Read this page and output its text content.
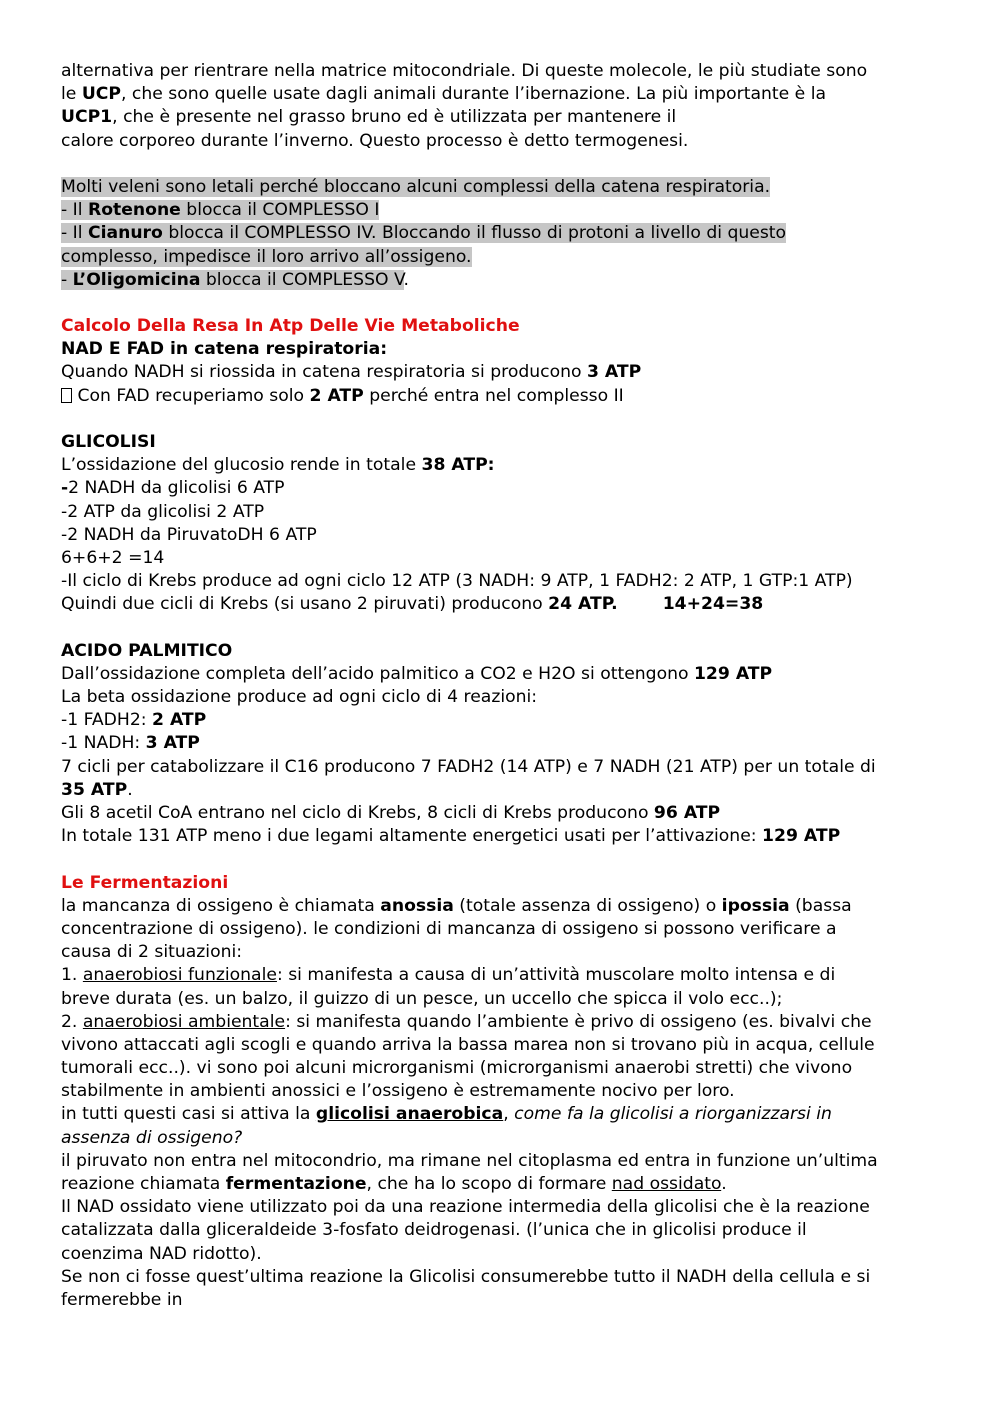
alternativa per rientrare nella matrice mitocondriale. Di queste molecole, le più studiate sono
le UCP, che sono quelle usate dagli animali durante l’ibernazione. La più importante è la
UCP1, che è presente nel grasso bruno ed è utilizzata per mantenere il
calore corporeo durante l’inverno. Questo processo è detto termogenesi.
Molti veleni sono letali perché bloccano alcuni complessi della catena respiratoria.
- Il Rotenone blocca il COMPLESSO I
- Il Cianuro blocca il COMPLESSO IV. Bloccando il flusso di protoni a livello di questo
complesso, impedisce il loro arrivo all’ossigeno.
- L’Oligomicina blocca il COMPLESSO V.
Calcolo Della Resa In Atp Delle Vie Metaboliche
NAD E FAD in catena respiratoria:
Quando NADH si riossida in catena respiratoria si producono 3 ATP
Con FAD recuperiamo solo 2 ATP perché entra nel complesso II
GLICOLISI
L’ossidazione del glucosio rende in totale 38 ATP:
-2 NADH da glicolisi 6 ATP
-2 ATP da glicolisi 2 ATP
-2 NADH da PiruvatoDH 6 ATP
6+6+2 =14
-Il ciclo di Krebs produce ad ogni ciclo 12 ATP (3 NADH: 9 ATP, 1 FADH2: 2 ATP, 1 GTP:1 ATP)
Quindi due cicli di Krebs (si usano 2 piruvati) producono 24 ATP.	14+24=38
ACIDO PALMITICO
Dall’ossidazione completa dell’acido palmitico a CO2 e H2O si ottengono 129 ATP
La beta ossidazione produce ad ogni ciclo di 4 reazioni:
-1 FADH2: 2 ATP
-1 NADH: 3 ATP
7 cicli per catabolizzare il C16 producono 7 FADH2 (14 ATP) e 7 NADH (21 ATP) per un totale di
35 ATP.
Gli 8 acetil CoA entrano nel ciclo di Krebs, 8 cicli di Krebs producono 96 ATP
In totale 131 ATP meno i due legami altamente energetici usati per l’attivazione: 129 ATP
Le Fermentazioni
la mancanza di ossigeno è chiamata anossia (totale assenza di ossigeno) o ipossia (bassa
concentrazione di ossigeno). le condizioni di mancanza di ossigeno si possono verificare a
causa di 2 situazioni:
1. anaerobiosi funzionale: si manifesta a causa di un’attività muscolare molto intensa e di
breve durata (es. un balzo, il guizzo di un pesce, un uccello che spicca il volo ecc..);
2. anaerobiosi ambientale: si manifesta quando l’ambiente è privo di ossigeno (es. bivalvi che
vivono attaccati agli scogli e quando arriva la bassa marea non si trovano più in acqua, cellule
tumorali ecc..). vi sono poi alcuni microrganismi (microrganismi anaerobi stretti) che vivono
stabilmente in ambienti anossici e l’ossigeno è estremamente nocivo per loro.
in tutti questi casi si attiva la glicolisi anaerobica, come fa la glicolisi a riorganizzarsi in
assenza di ossigeno?
il piruvato non entra nel mitocondrio, ma rimane nel citoplasma ed entra in funzione un’ultima
reazione chiamata fermentazione, che ha lo scopo di formare nad ossidato.
Il NAD ossidato viene utilizzato poi da una reazione intermedia della glicolisi che è la reazione
catalizzata dalla gliceraldeide 3-fosfato deidrogenasi. (l’unica che in glicolisi produce il
coenzima NAD ridotto).
Se non ci fosse quest’ultima reazione la Glicolisi consumerebbe tutto il NADH della cellula e si
fermerebbe in
